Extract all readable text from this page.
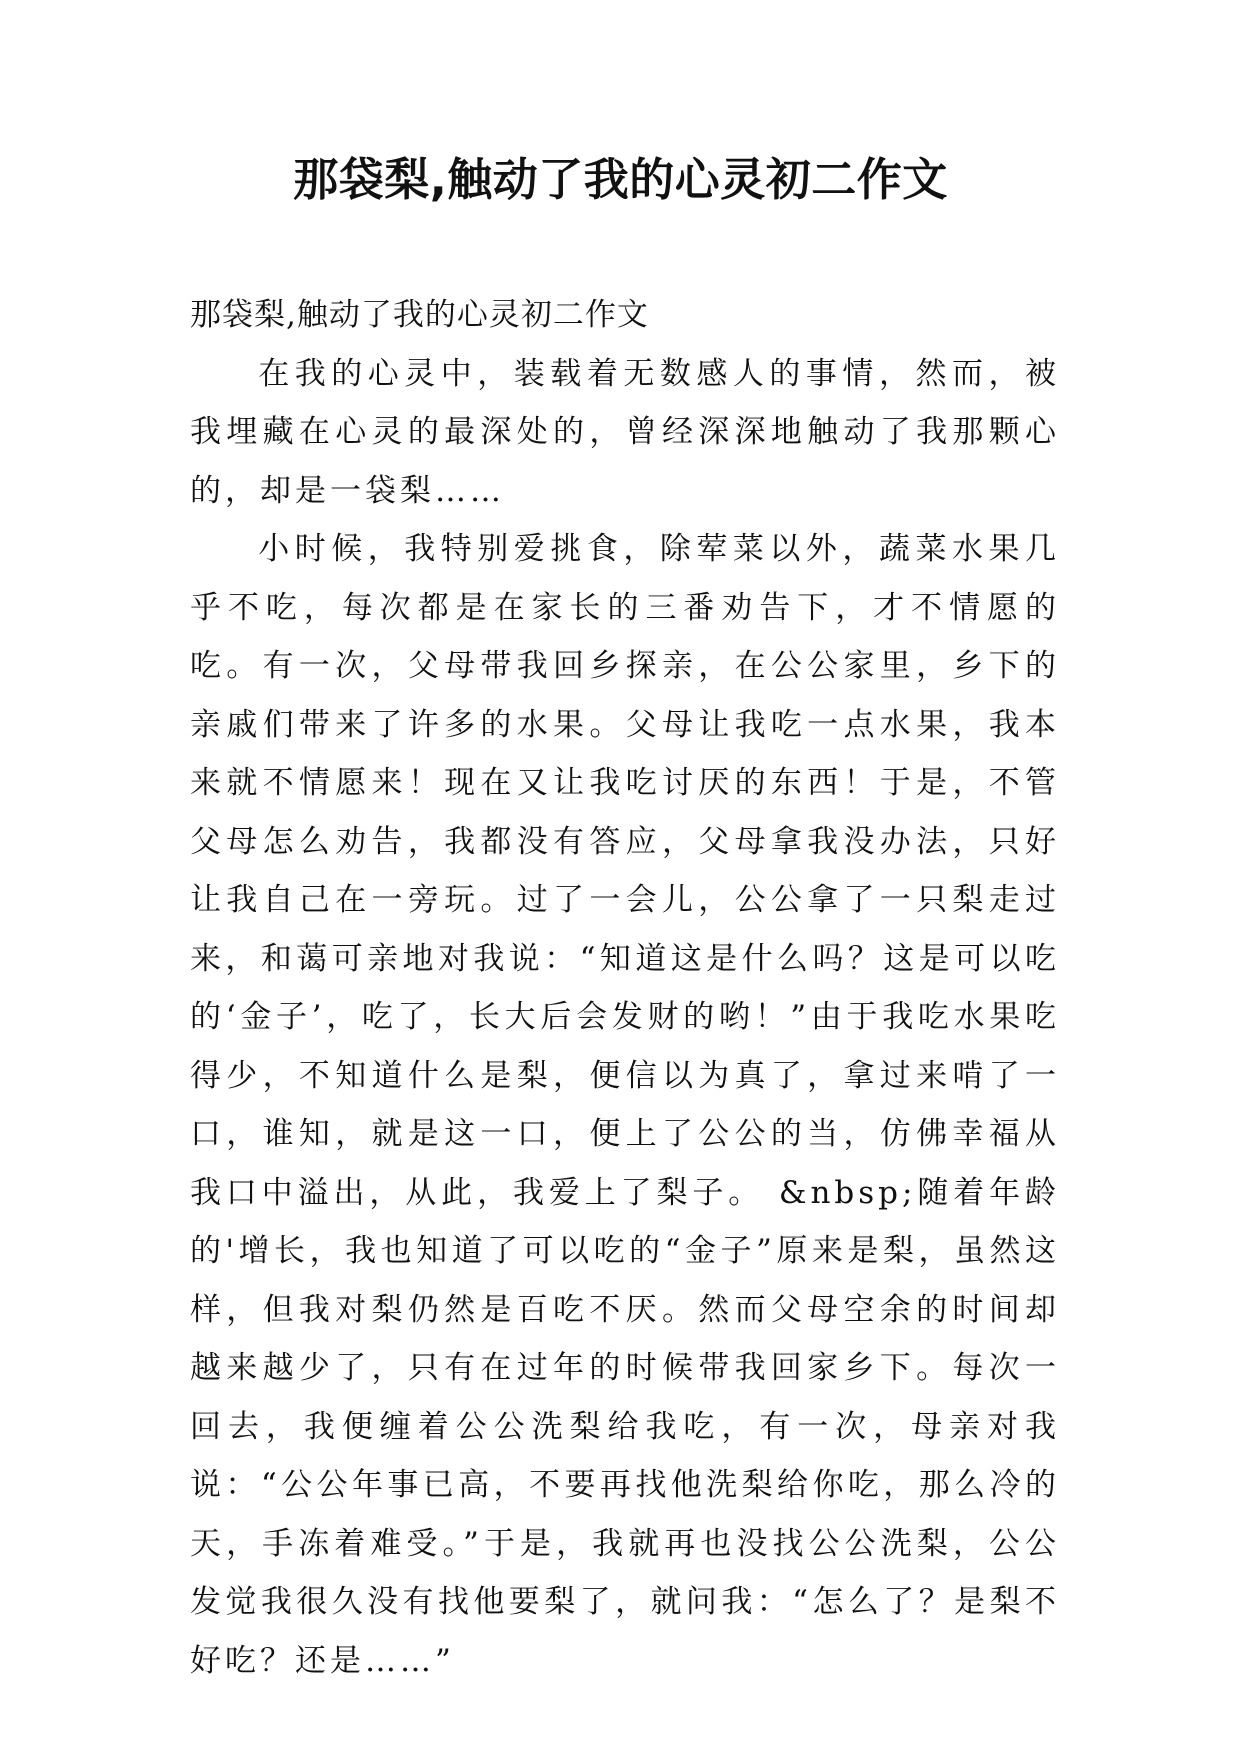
那袋梨,触动了我的心灵初二作文

那袋梨,触动了我的心灵初二作文

在我的心灵中，装载着无数感人的事情，然而，被我埋藏在心灵的最深处的，曾经深深地触动了我那颗心的，却是一袋梨……

小时候，我特别爱挑食，除荤菜以外，蔬菜水果几乎不吃，每次都是在家长的三番劝告下，才不情愿的吃。有一次，父母带我回乡探亲，在公公家里，乡下的亲戚们带来了许多的水果。父母让我吃一点水果，我本来就不情愿来！现在又让我吃讨厌的东西！于是，不管父母怎么劝告，我都没有答应，父母拿我没办法，只好让我自己在一旁玩。过了一会儿，公公拿了一只梨走过来，和蔼可亲地对我说：“知道这是什么吗？这是可以吃的‘金子’，吃了，长大后会发财的哟！”由于我吃水果吃得少，不知道什么是梨，便信以为真了，拿过来啃了一口，谁知，就是这一口，便上了公公的当，仿佛幸福从我口中溢出，从此，我爱上了梨子。 &nbsp;随着年龄的'增长，我也知道了可以吃的“金子”原来是梨，虽然这样，但我对梨仍然是百吃不厌。然而父母空余的时间却越来越少了，只有在过年的时候带我回家乡下。每次一回去，我便缠着公公洗梨给我吃，有一次，母亲对我说：“公公年事已高，不要再找他洗梨给你吃，那么冷的天，手冻着难受。”于是，我就再也没找公公洗梨，公公发觉我很久没有找他要梨了，就问我：“怎么了？是梨不好吃？还是……”
